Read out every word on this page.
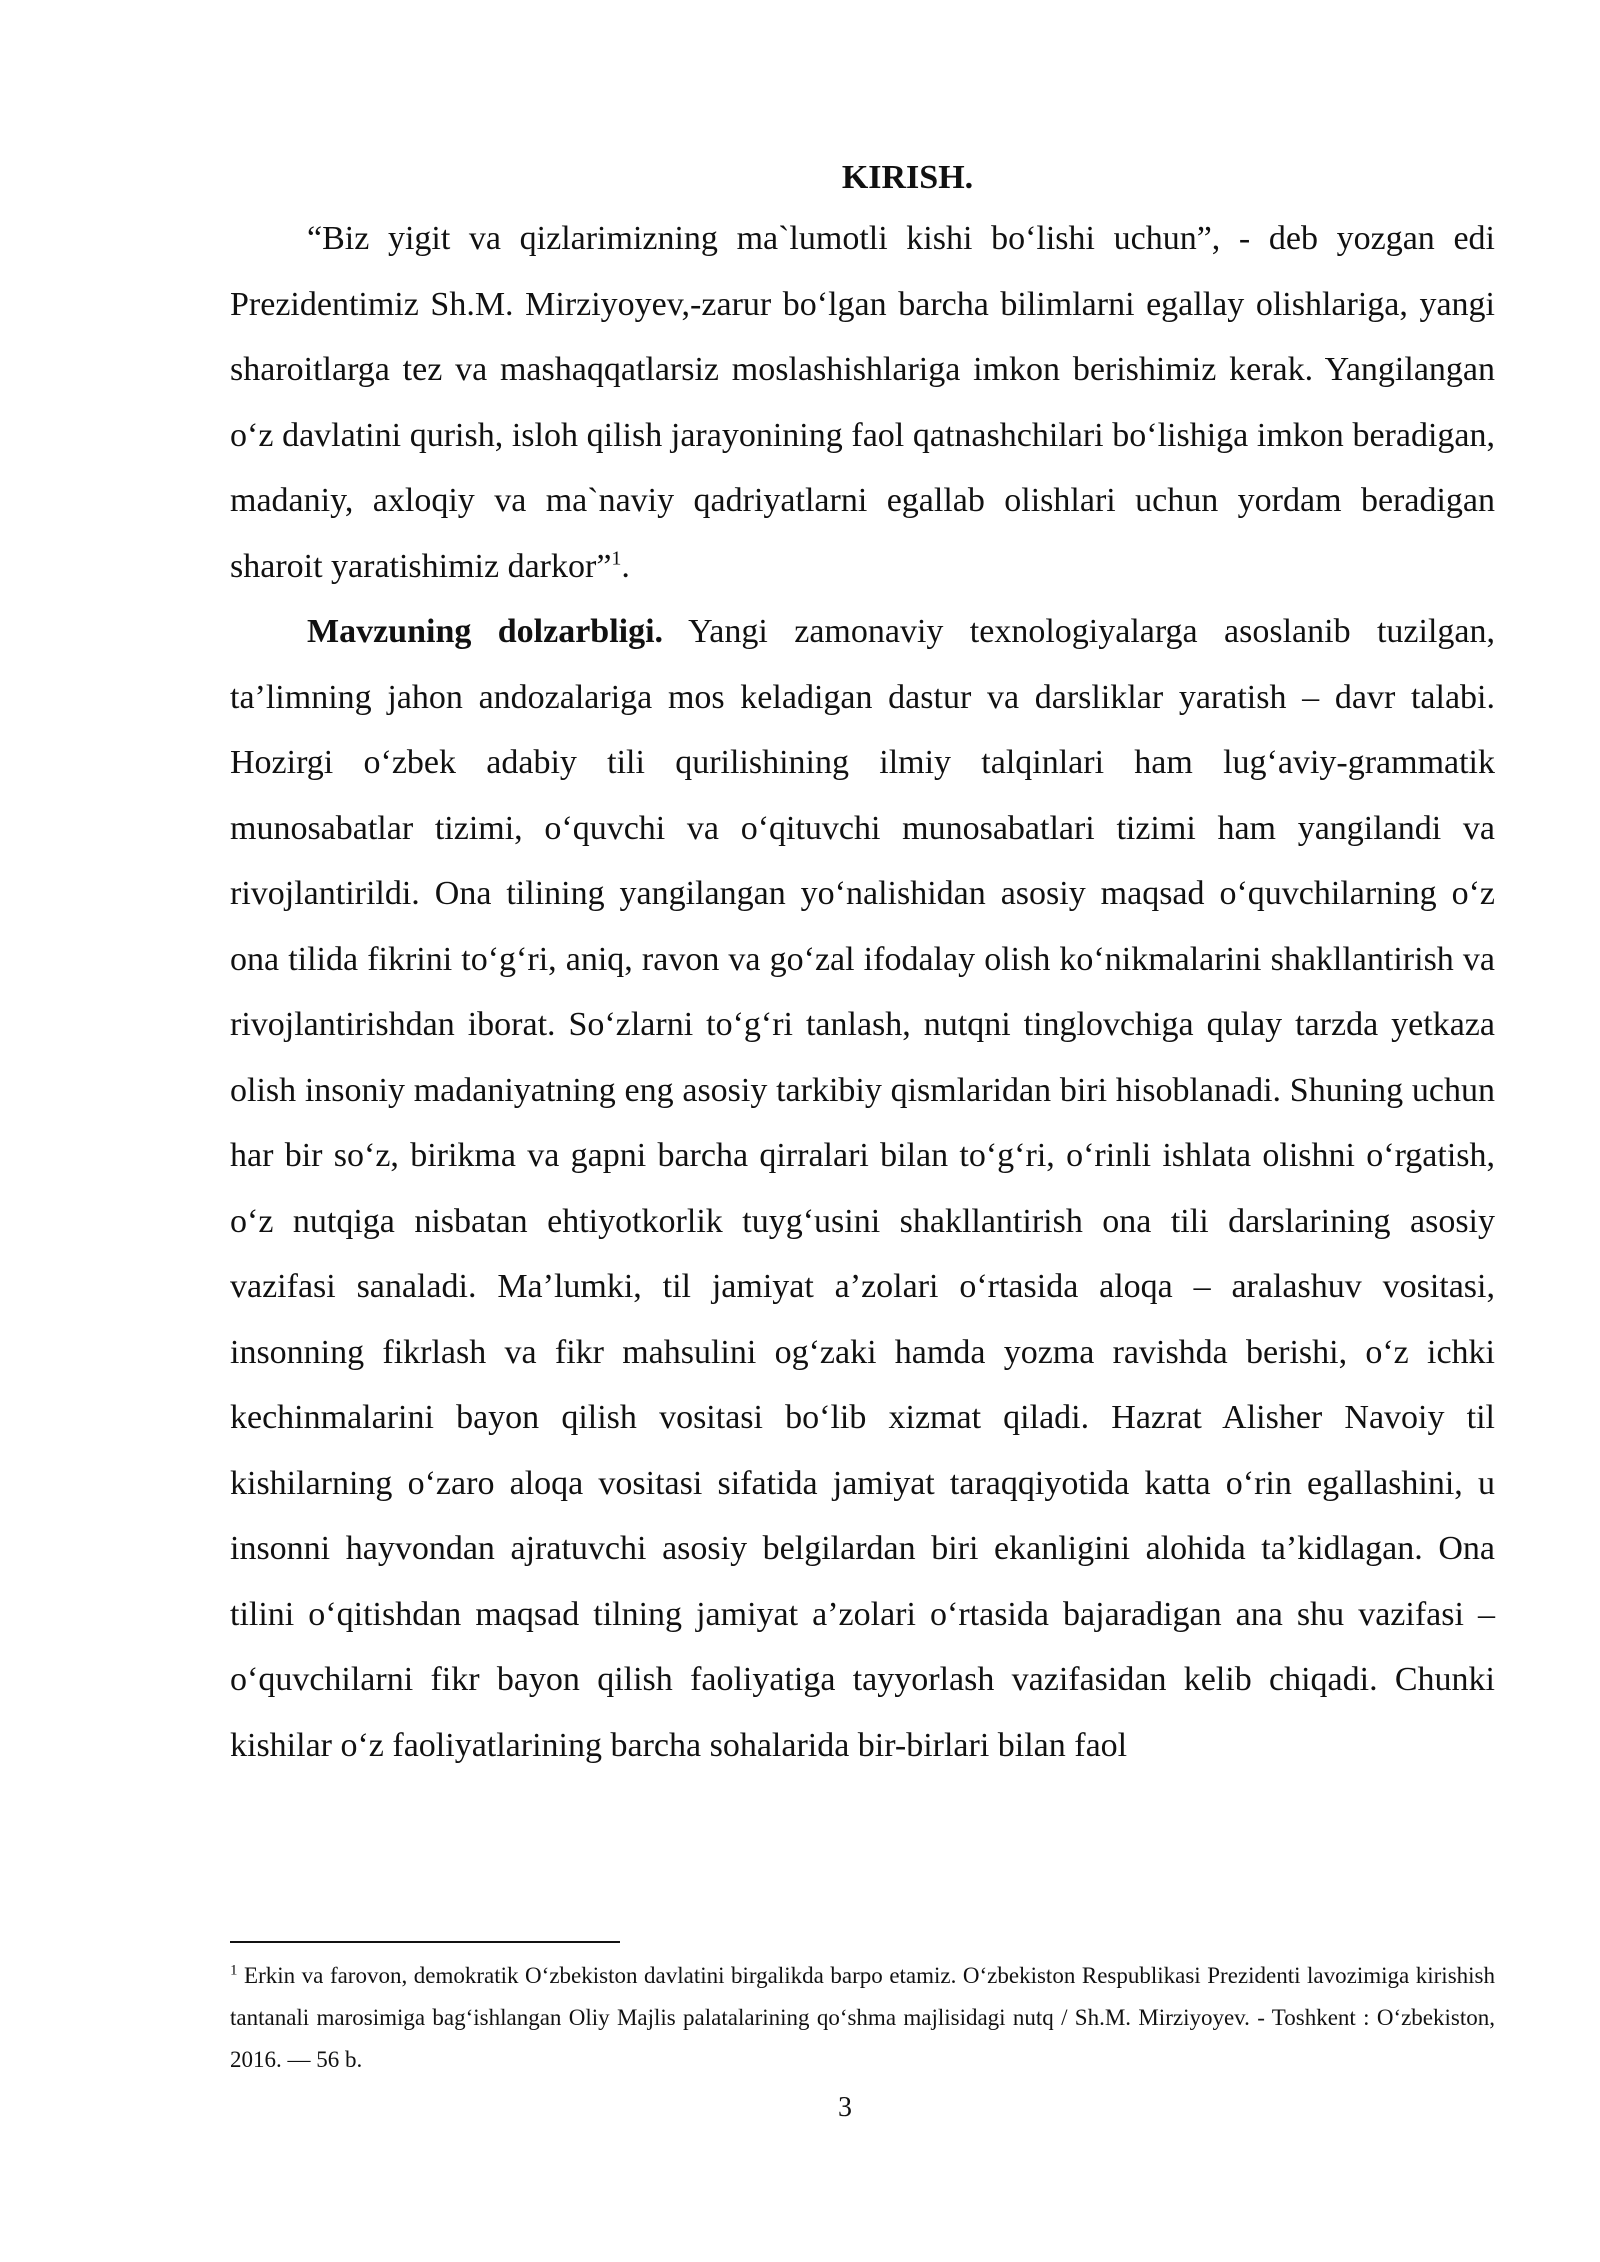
KIRISH.

“Biz yigit va qizlarimizning ma`lumotli kishi bo‘lishi uchun”, - deb yozgan edi Prezidentimiz Sh.M. Mirziyoyev,-zarur bo‘lgan barcha bilimlarni egallay olishlariga, yangi sharoitlarga tez va mashaqqatlarsiz moslashishlariga imkon berishimiz kerak. Yangilangan o‘z davlatini qurish, isloh qilish jarayonining faol qatnashchilari bo‘lishiga imkon beradigan, madaniy, axloqiy va ma`naviy qadriyatlarni egallab olishlari uchun yordam beradigan sharoit yaratishimiz darkor”$^1$.

Mavzuning dolzarbligi. Yangi zamonaviy texnologiyalarga asoslanib tuzilgan, ta’limning jahon andozalariga mos keladigan dastur va darsliklar yaratish – davr talabi. Hozirgi o‘zbek adabiy tili qurilishining ilmiy talqinlari ham lug‘aviy-grammatik munosabatlar tizimi, o‘quvchi va o‘qituvchi munosabatlari tizimi ham yangilandi va rivojlantirildi. Ona tilining yangilangan yo‘nalishidan asosiy maqsad o‘quvchilarning o‘z ona tilida fikrini to‘g‘ri, aniq, ravon va go‘zal ifodalay olish ko‘nikmalarini shakllantirish va rivojlantirishdan iborat. So‘zlarni to‘g‘ri tanlash, nutqni tinglovchiga qulay tarzda yetkaza olish insoniy madaniyatning eng asosiy tarkibiy qismlaridan biri hisoblanadi. Shuning uchun har bir so‘z, birikma va gapni barcha qirralari bilan to‘g‘ri, o‘rinli ishlata olishni o‘rgatish, o‘z nutqiga nisbatan ehtiyotkorlik tuyg‘usini shakllantirish ona tili darslarining asosiy vazifasi sanaladi. Ma’lumki, til jamiyat a’zolari o‘rtasida aloqa – aralashuv vositasi, insonning fikrlash va fikr mahsulini og‘zaki hamda yozma ravishda berishi, o‘z ichki kechinmalarini bayon qilish vositasi bo‘lib xizmat qiladi. Hazrat Alisher Navoiy til kishilarning o‘zaro aloqa vositasi sifatida jamiyat taraqqiyotida katta o‘rin egallashini, u insonni hayvondan ajratuvchi asosiy belgilardan biri ekanligini alohida ta’kidlagan. Ona tilini o‘qitishdan maqsad tilning jamiyat a’zolari o‘rtasida bajaradigan ana shu vazifasi – o‘quvchilarni fikr bayon qilish faoliyatiga tayyorlash vazifasidan kelib chiqadi. Chunki kishilar o‘z faoliyatlarining barcha sohalarida bir-birlari bilan faol

$^1$ Erkin va farovon, demokratik O‘zbekiston davlatini birgalikda barpo etamiz. O‘zbekiston Respublikasi Prezidenti lavozimiga kirishish tantanali marosimiga bag‘ishlangan Oliy Majlis palatalarining qo‘shma majlisidagi nutq / Sh.M. Mirziyoyev. - Toshkent : O‘zbekiston, 2016. — 56 b.

3
